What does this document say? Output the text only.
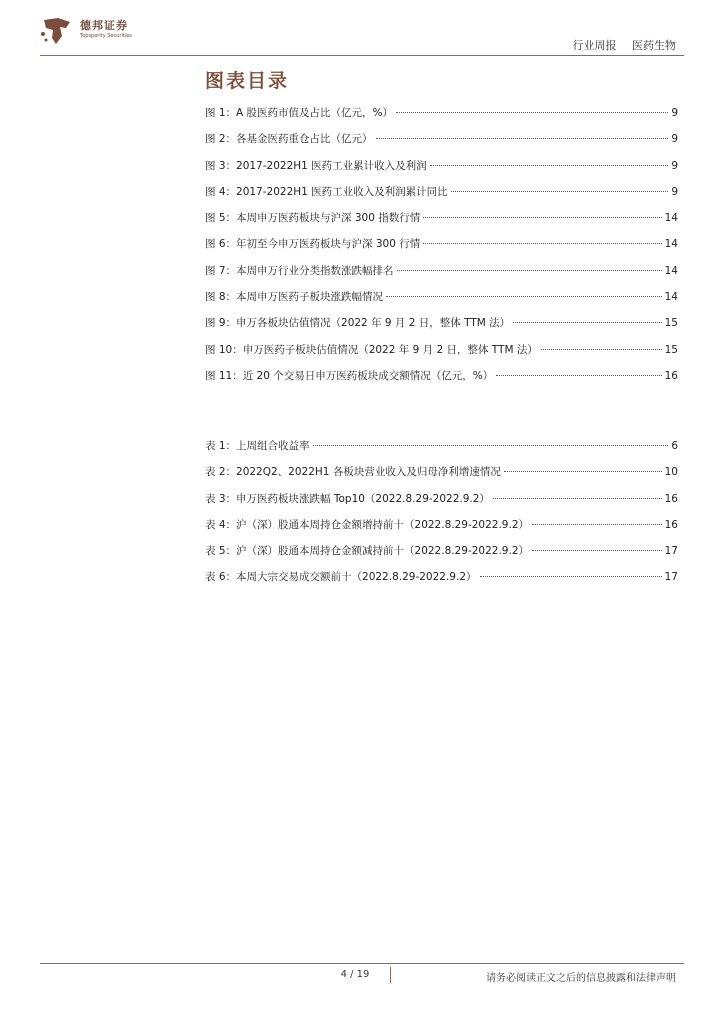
德邦证券
Topsperity Securities
行业周报 医药生物
图表目录
图 1：A 股医药市值及占比（亿元，%）	9
图 2：各基金医药重仓占比（亿元）	9
图 3：2017-2022H1 医药工业累计收入及利润	9
图 4：2017-2022H1 医药工业收入及利润累计同比	9
图 5：本周申万医药板块与沪深 300 指数行情	14
图 6：年初至今申万医药板块与沪深 300 行情	14
图 7：本周申万行业分类指数涨跌幅排名	14
图 8：本周申万医药子板块涨跌幅情况	14
图 9：申万各板块估值情况（2022 年 9 月 2 日，整体 TTM 法）	15
图 10：申万医药子板块估值情况（2022 年 9 月 2 日，整体 TTM 法）	15
图 11：近 20 个交易日申万医药板块成交额情况（亿元，%）	16
表 1：上周组合收益率	6
表 2：2022Q2、2022H1 各板块营业收入及归母净利增速情况	10
表 3：申万医药板块涨跌幅 Top10（2022.8.29-2022.9.2）	16
表 4：沪（深）股通本周持仓金额增持前十（2022.8.29-2022.9.2）	16
表 5：沪（深）股通本周持仓金额减持前十（2022.8.29-2022.9.2）	17
表 6：本周大宗交易成交额前十（2022.8.29-2022.9.2）	17
4 / 19	请务必阅读正文之后的信息披露和法律声明
